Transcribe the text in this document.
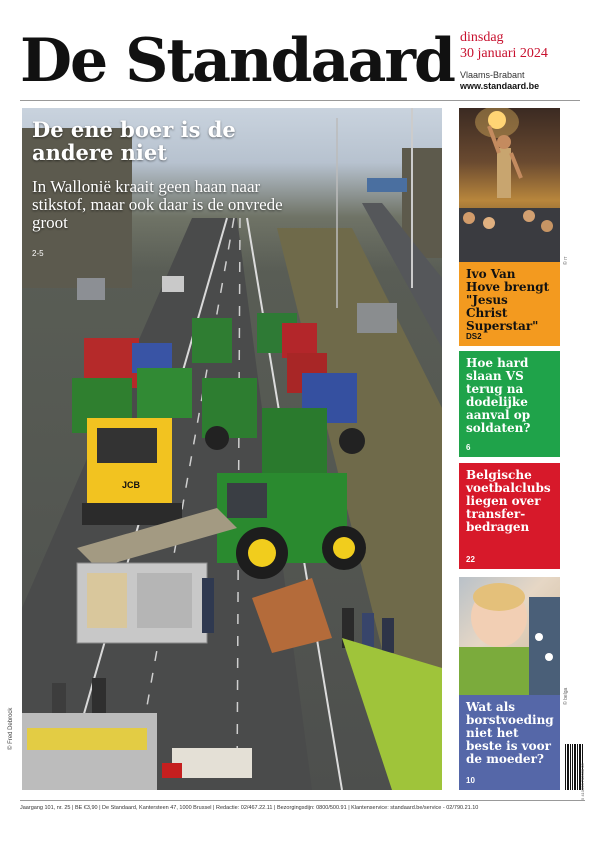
De Standaard dinsdag
30 januari 2024
Vlaams-Brabant
www.standaard.be
JCB
De ene boer is de andere niet
In Wallonië kraait geen haan naar stikstof, maar ook daar is de onvrede groot
2-5
© Fred Debrock
© rr
Ivo Van Hove brengt "Jesus Christ Superstar"
DS2
Hoe hard slaan VS terug na dodelijke aanval op soldaten?
6
Belgische voetbalclubs liegen over transfer-bedragen
22
© belga
Wat als borstvoeding niet het beste is voor de moeder?
10	5 410593 702038 05
Jaargang 101, nr. 25 | BE €3,90 | De Standaard, Kantersteen 47, 1000 Brussel | Redactie: 02/467.22.11 | Bezorgingsdijn: 0800/500.91 | Klantenservice: standaard.be/service - 02/790.21.10
